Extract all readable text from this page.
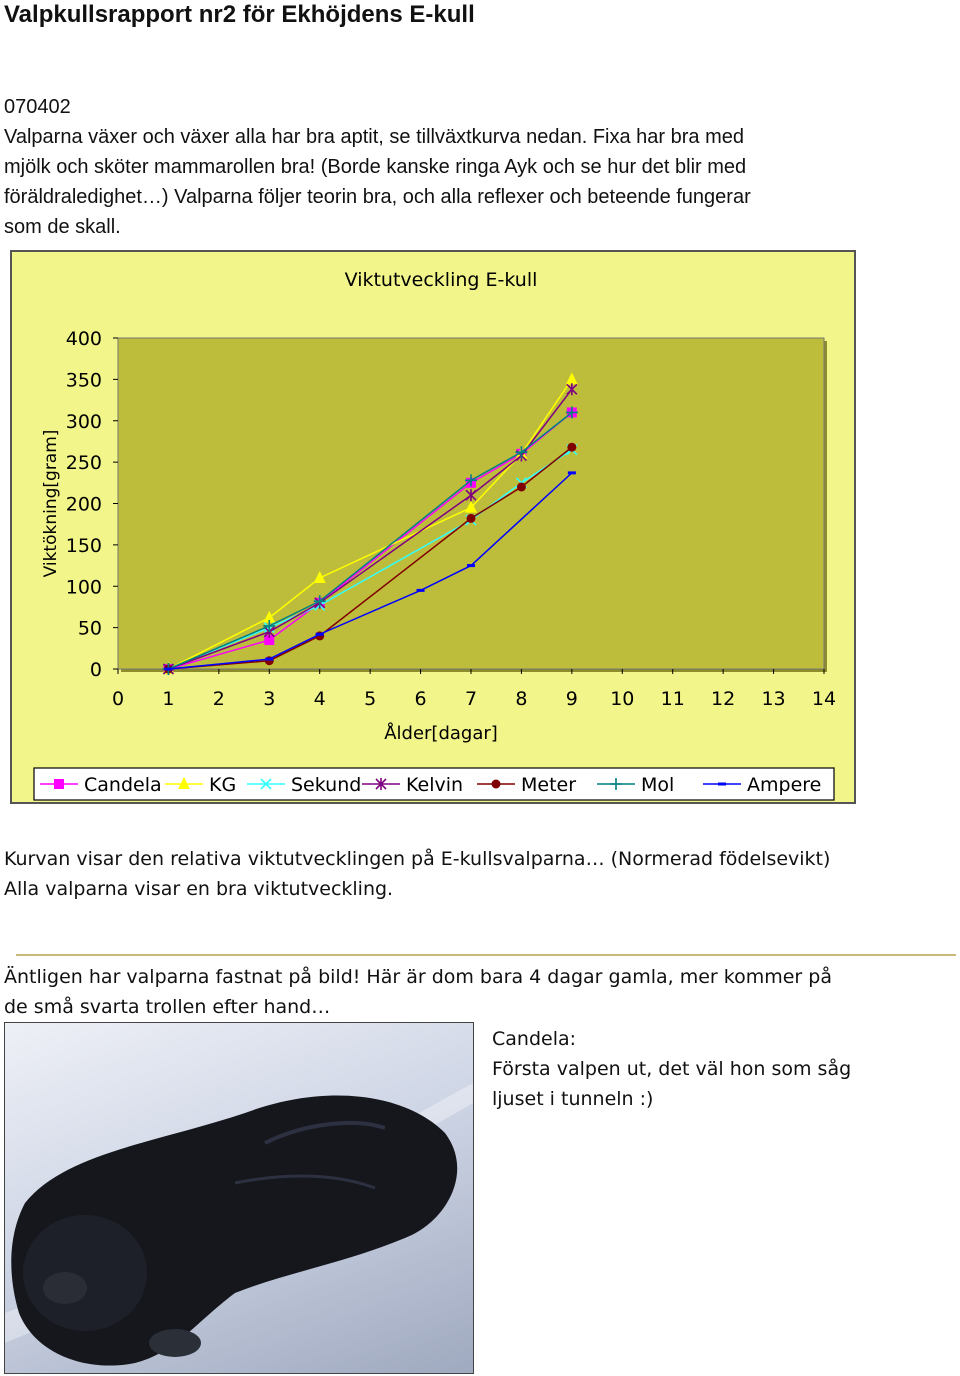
Valpkullsrapport nr2 för Ekhöjdens E-kull

070402

Valparna växer och växer alla har bra aptit, se tillväxtkurva nedan. Fixa har bra med
mjölk och sköter mammarollen bra! (Borde kanske ringa Ayk och se hur det blir med
föräldraledighet…) Valparna följer teorin bra, och alla reflexer och beteende fungerar
som de skall.

Viktutveckling E-kull
0
50
100
150
200
250
300
350
400
0 1 2 3 4 5 6 7 8 9 10 11 12 13 14
Ålder[dagar]
Viktökning[gram]
Candela KG	Sekund Kelvin	Meter	Mol	Ampere

Kurvan visar den relativa viktutvecklingen på E-kullsvalparna… (Normerad födelsevikt)
Alla valparna visar en bra viktutveckling.

Äntligen har valparna fastnat på bild! Här är dom bara 4 dagar gamla, mer kommer på
de små svarta trollen efter hand…

Candela:
Första valpen ut, det väl hon som såg
ljuset i tunneln :)
